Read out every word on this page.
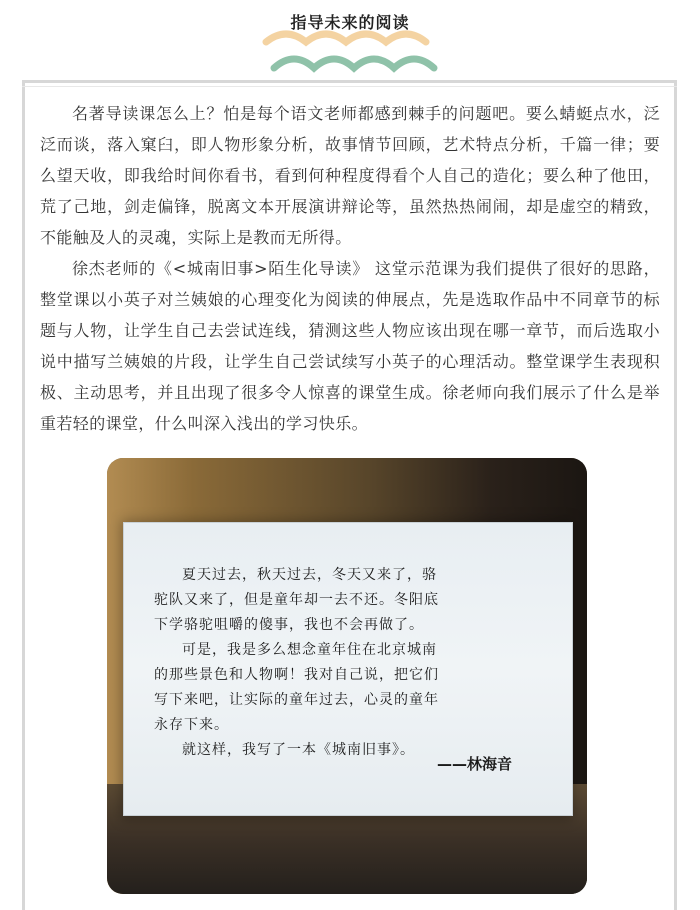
指导未来的阅读

名著导读课怎么上？怕是每个语文老师都感到棘手的问题吧。要么蜻蜓点水，泛泛而谈，落入窠臼，即人物形象分析，故事情节回顾，艺术特点分析，千篇一律；要么望天收，即我给时间你看书，看到何种程度得看个人自己的造化；要么种了他田，荒了己地，剑走偏锋，脱离文本开展演讲辩论等，虽然热热闹闹，却是虚空的精致，不能触及人的灵魂，实际上是教而无所得。

徐杰老师的《<城南旧事>陌生化导读》 这堂示范课为我们提供了很好的思路，整堂课以小英子对兰姨娘的心理变化为阅读的伸展点，先是选取作品中不同章节的标题与人物，让学生自己去尝试连线，猜测这些人物应该出现在哪一章节，而后选取小说中描写兰姨娘的片段，让学生自己尝试续写小英子的心理活动。整堂课学生表现积极、主动思考，并且出现了很多令人惊喜的课堂生成。徐老师向我们展示了什么是举重若轻的课堂，什么叫深入浅出的学习快乐。

夏天过去，秋天过去，冬天又来了，骆
驼队又来了，但是童年却一去不还。冬阳底
下学骆驼咀嚼的傻事，我也不会再做了。
可是，我是多么想念童年住在北京城南
的那些景色和人物啊！我对自己说，把它们
写下来吧，让实际的童年过去，心灵的童年
永存下来。
就这样，我写了一本《城南旧事》。
——林海音
